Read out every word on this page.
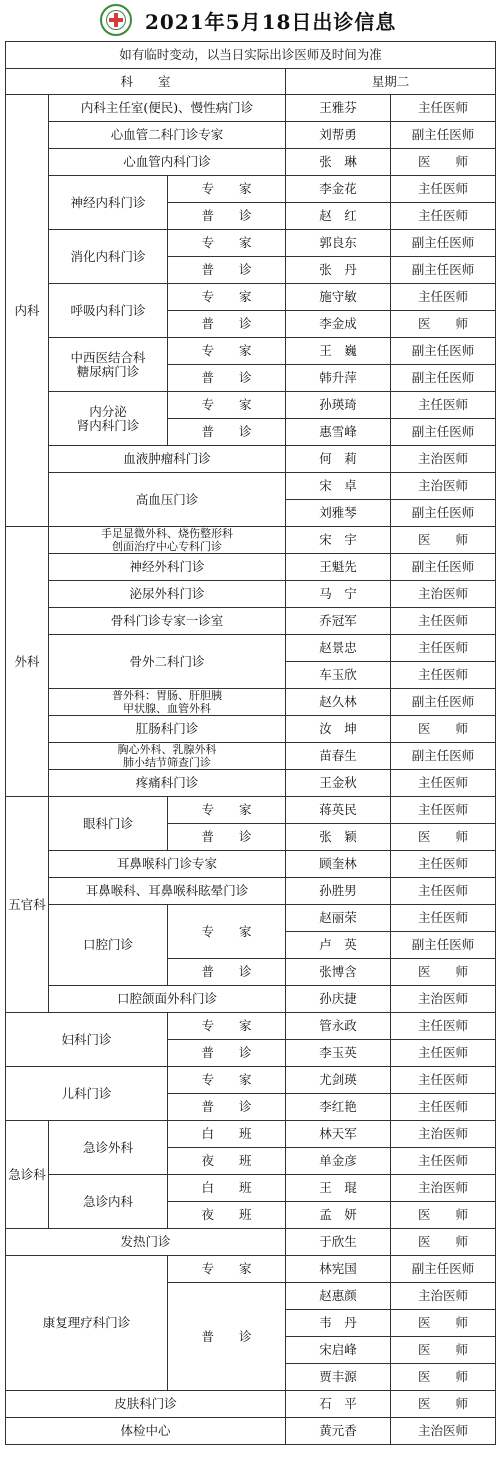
2021年5月18日出诊信息
如有临时变动，以当日实际出诊医师及时间为准				
科　　室			星期二	
内科	内科主任室(便民)、慢性病门诊		王雅芬	主任医师
	心血管二科门诊专家		刘帮勇	副主任医师
	心血管内科门诊		张　琳	医　　师
	神经内科门诊	专　　家	李金花	主任医师
		普　　诊	赵　红	主任医师
	消化内科门诊	专　　家	郭良东	副主任医师
		普　　诊	张　丹	副主任医师
	呼吸内科门诊	专　　家	施守敏	主任医师
		普　　诊	李金成	医　　师
	中西医结合科
糖尿病门诊	专　　家	王　巍	副主任医师
		普　　诊	韩升萍	副主任医师
	内分泌
肾内科门诊	专　　家	孙瑛琦	主任医师
		普　　诊	惠雪峰	副主任医师
	血液肿瘤科门诊		何　莉	主治医师
	高血压门诊		宋　卓	主治医师
			刘雅琴	副主任医师
外科	手足显微外科、烧伤整形科
创面治疗中心专科门诊		宋　宇	医　　师
	神经外科门诊		王魁先	副主任医师
	泌尿外科门诊		马　宁	主治医师
	骨科门诊专家一诊室		乔冠军	主任医师
	骨外二科门诊		赵景忠	主任医师
			车玉欣	主任医师
	普外科：胃肠、肝胆胰
甲状腺、血管外科		赵久林	副主任医师
	肛肠科门诊		汝　坤	医　　师
	胸心外科、乳腺外科
肺小结节筛查门诊		苗春生	副主任医师
	疼痛科门诊		王金秋	主任医师
五官科	眼科门诊	专　　家	蒋英民	主任医师
		普　　诊	张　颖	医　　师
	耳鼻喉科门诊专家		顾奎林	主任医师
	耳鼻喉科、耳鼻喉科眩晕门诊		孙胜男	主任医师
	口腔门诊	专　　家	赵丽荣	主任医师
			卢　英	副主任医师
		普　　诊	张博含	医　　师
	口腔颌面外科门诊		孙庆捷	主治医师
妇科门诊		专　　家	管永政	主任医师
		普　　诊	李玉英	主任医师
儿科门诊		专　　家	尤剑瑛	主任医师
		普　　诊	李红艳	主任医师
急诊科	急诊外科	白　　班	林天军	主治医师
		夜　　班	单金彦	主任医师
	急诊内科	白　　班	王　琨	主治医师
		夜　　班	孟　妍	医　　师
发热门诊			于欣生	医　　师
康复理疗科门诊		专　　家	林宪国	副主任医师
		普　　诊	赵惠颜	主治医师
			韦　丹	医　　师
			宋启峰	医　　师
			贾丰源	医　　师
皮肤科门诊			石　平	医　　师
体检中心			黄元香	主治医师
